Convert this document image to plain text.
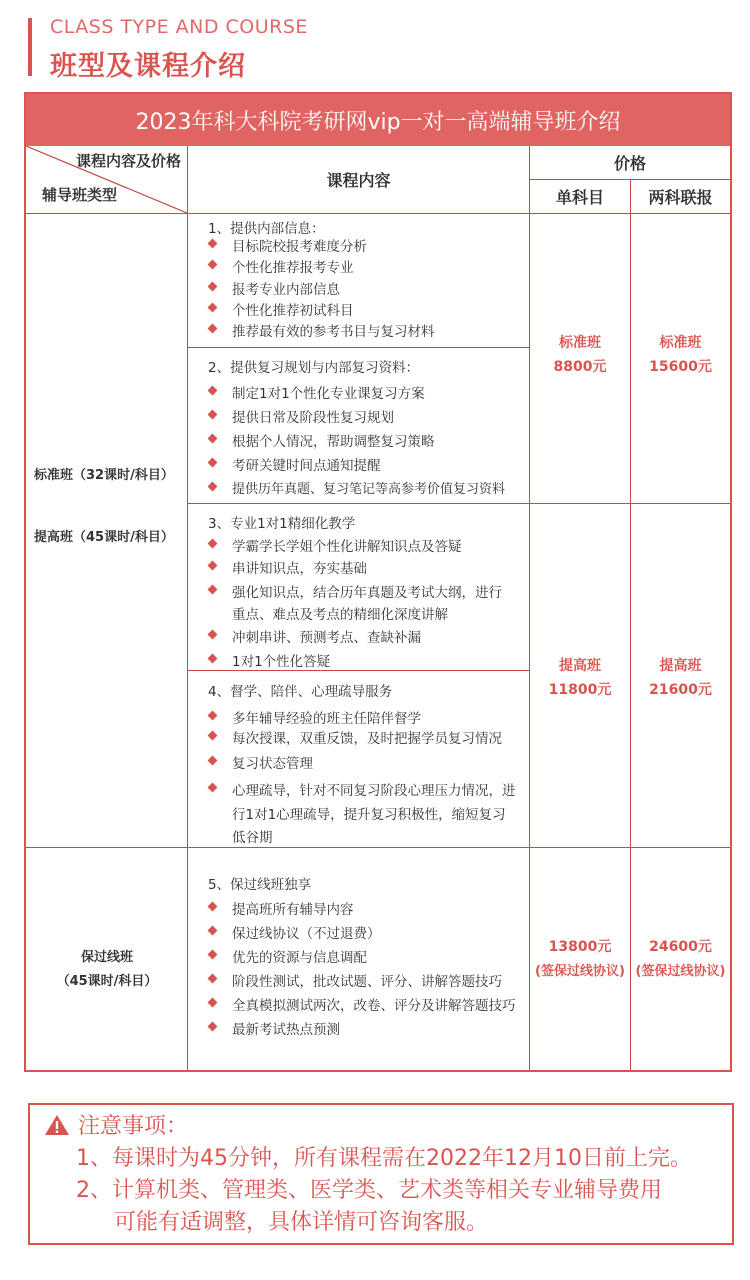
CLASS TYPE AND COURSE
班型及课程介绍
2023年科大科院考研网vip一对一高端辅导班介绍
课程内容及价格
辅导班类型
课程内容
价格
单科目	两科联报
标准班（32课时/科目）
提高班（45课时/科目）
保过线班
（45课时/科目）
1、提供内部信息：
目标院校报考难度分析
个性化推荐报考专业
报考专业内部信息
个性化推荐初试科目
推荐最有效的参考书目与复习材料
2、提供复习规划与内部复习资料：
制定1对1个性化专业课复习方案
提供日常及阶段性复习规划
根据个人情况，帮助调整复习策略
考研关键时间点通知提醒
提供历年真题、复习笔记等高参考价值复习资料
3、专业1对1精细化教学
学霸学长学姐个性化讲解知识点及答疑
串讲知识点，夯实基础
强化知识点，结合历年真题及考试大纲，进行
重点、难点及考点的精细化深度讲解
冲刺串讲、预测考点、查缺补漏
1对1个性化答疑
4、督学、陪伴、心理疏导服务
多年辅导经验的班主任陪伴督学
每次授课，双重反馈，及时把握学员复习情况
复习状态管理
心理疏导，针对不同复习阶段心理压力情况，进
行1对1心理疏导，提升复习积极性，缩短复习
低谷期
5、保过线班独享
提高班所有辅导内容
保过线协议（不过退费）
优先的资源与信息调配
阶段性测试，批改试题、评分、讲解答题技巧
全真模拟测试两次，改卷、评分及讲解答题技巧
最新考试热点预测
标准班
8800元
标准班
15600元
提高班
11800元
提高班
21600元
13800元
(签保过线协议)
24600元
(签保过线协议)
注意事项：
1、每课时为45分钟，所有课程需在2022年12月10日前上完。
2、计算机类、管理类、医学类、艺术类等相关专业辅导费用
可能有适调整，具体详情可咨询客服。
